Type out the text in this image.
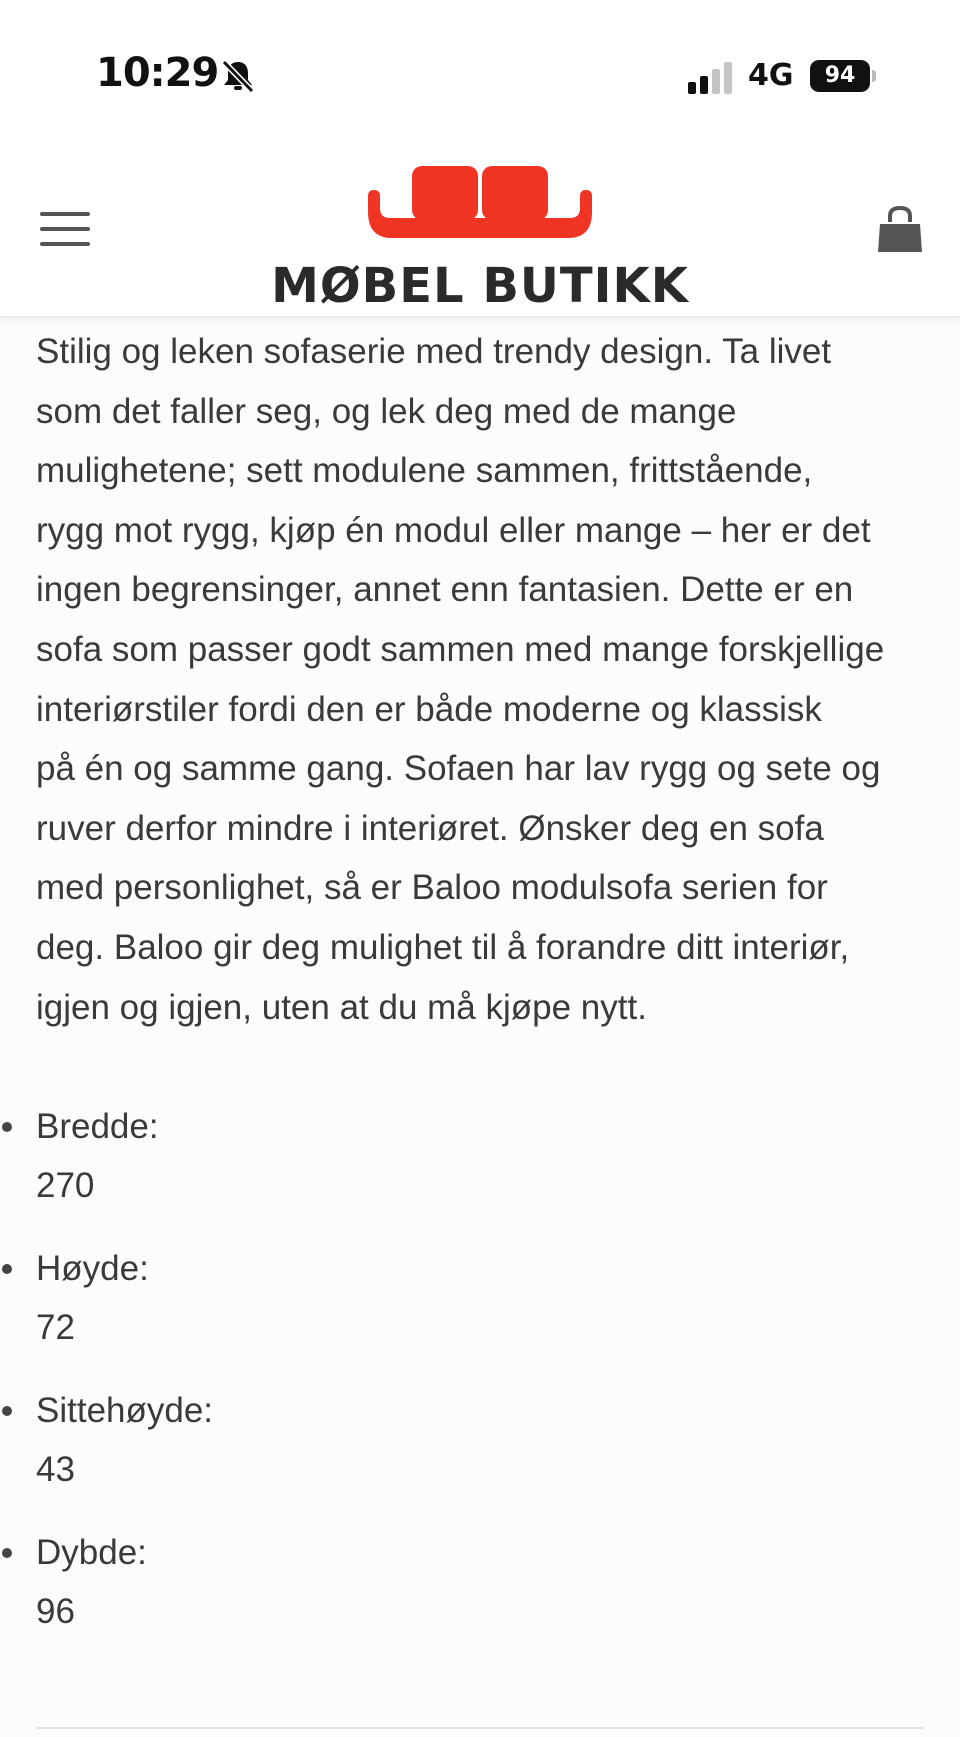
10:29	4G	94
MØBEL BUTIKK

Stilig og leken sofaserie med trendy design. Ta livet
som det faller seg, og lek deg med de mange
mulighetene; sett modulene sammen, frittstående,
rygg mot rygg, kjøp én modul eller mange – her er det
ingen begrensinger, annet enn fantasien. Dette er en
sofa som passer godt sammen med mange forskjellige
interiørstiler fordi den er både moderne og klassisk
på én og samme gang. Sofaen har lav rygg og sete og
ruver derfor mindre i interiøret. Ønsker deg en sofa
med personlighet, så er Baloo modulsofa serien for
deg. Baloo gir deg mulighet til å forandre ditt interiør,
igjen og igjen, uten at du må kjøpe nytt.

Bredde:
270
Høyde:
72
Sittehøyde:
43
Dybde:
96
